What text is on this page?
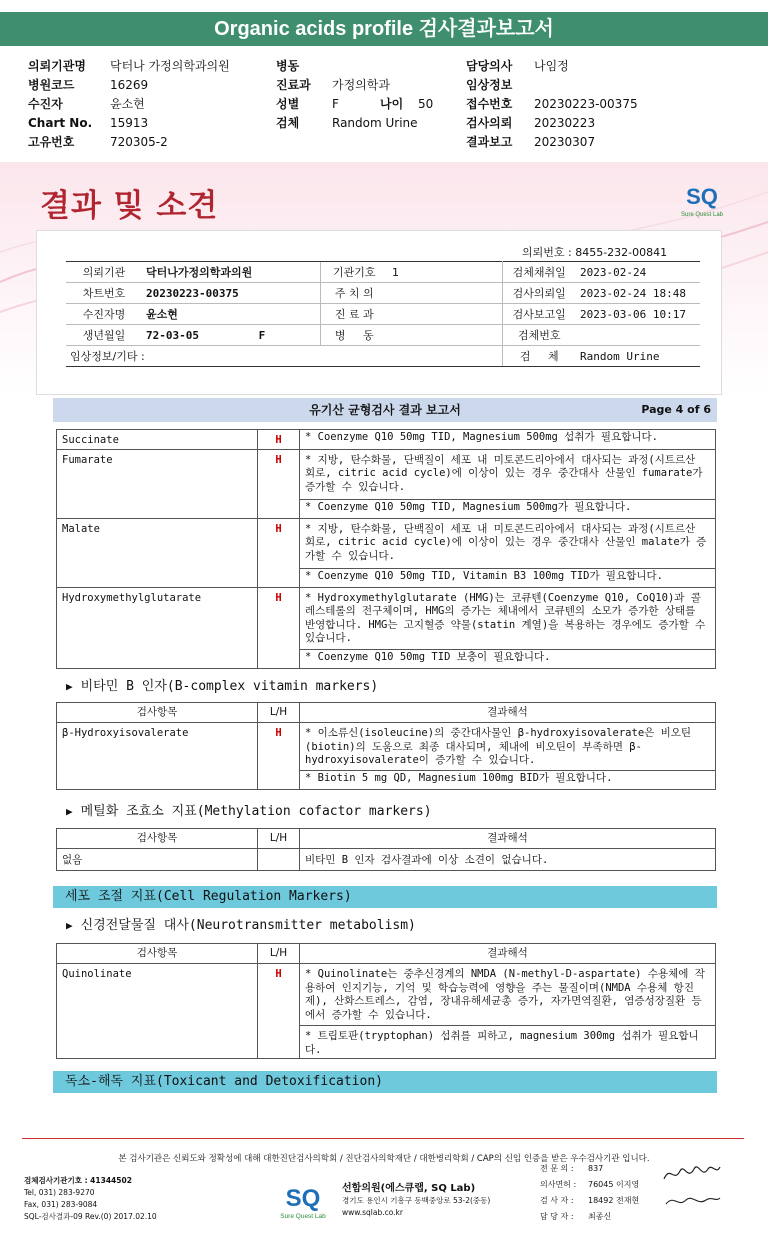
Organic acids profile 검사결과보고서
의뢰기관명	닥터나 가정의학과의원
병원코드	16269
수진자	윤소현
Chart No.	15913
고유번호	720305-2
병동
진료과	가정의학과
성별	F	나이	50
검체	Random Urine
담당의사	나임정
임상정보
접수번호	20230223-00375
검사의뢰	20230223
결과보고	20230307
결과 및 소견	SQ
Sure Quest Lab
의뢰번호 : 8455-232-00841
의뢰기관	닥터나가정의학과의원	기관기호	1	검체채취일	2023-02-24
차트번호	20230223-00375	주 치 의		검사의뢰일	2023-02-24 18:48
수진자명	윤소현	진 료 과		검사보고일	2023-03-06 10:17
생년월일	72-03-05         F	병     동		검체번호	
임상정보/기타 :				검     체	Random Urine
유기산 균형검사 결과 보고서	Page 4 of 6
Succinate	H	* Coenzyme Q10 50mg TID, Magnesium 500mg 섭취가 필요합니다.
Fumarate	H	* 지방, 탄수화물, 단백질이 세포 내 미토콘드리아에서 대사되는 과정(시트르산 회로, citric acid cycle)에 이상이 있는 경우 중간대사 산물인 fumarate가 증가할 수 있습니다.
		* Coenzyme Q10 50mg TID, Magnesium 500mg가 필요합니다.
Malate	H	* 지방, 탄수화물, 단백질이 세포 내 미토콘드리아에서 대사되는 과정(시트르산 회로, citric acid cycle)에 이상이 있는 경우 중간대사 산물인 malate가 증가할 수 있습니다.
		* Coenzyme Q10 50mg TID, Vitamin B3 100mg TID가 필요합니다.
Hydroxymethylglutarate	H	* Hydroxymethylglutarate (HMG)는 코큐텐(Coenzyme Q10, CoQ10)과 콜레스테롤의 전구체이며, HMG의 증가는 체내에서 코큐텐의 소모가 증가한 상태를 반영합니다. HMG는 고지혈증 약물(statin 계열)을 복용하는 경우에도 증가할 수 있습니다.
		* Coenzyme Q10 50mg TID 보충이 필요합니다.
▶ 비타민 B 인자(B-complex vitamin markers)
검사항목	L/H	결과해석
β-Hydroxyisovalerate	H	* 이소류신(isoleucine)의 중간대사물인 β-hydroxyisovalerate은 비오틴(biotin)의 도움으로 최종 대사되며, 체내에 비오틴이 부족하면 β-hydroxyisovalerate이 증가할 수 있습니다.
		* Biotin 5 mg QD, Magnesium 100mg BID가 필요합니다.
▶ 메틸화 조효소 지표(Methylation cofactor markers)
검사항목	L/H	결과해석
없음		비타민 B 인자 검사결과에 이상 소견이 없습니다.
세포 조절 지표(Cell Regulation Markers)
▶ 신경전달물질 대사(Neurotransmitter metabolism)
검사항목	L/H	결과해석
Quinolinate	H	* Quinolinate는 중추신경계의 NMDA (N-methyl-D-aspartate) 수용체에 작용하여 인지기능, 기억 및 학습능력에 영향을 주는 물질이며(NMDA 수용체 항진제), 산화스트레스, 감염, 장내유해세균총 증가, 자가면역질환, 염증성장질환 등에서 증가할 수 있습니다.
		* 트립토판(tryptophan) 섭취를 피하고, magnesium 300mg 섭취가 필요합니다.
독소-해독 지표(Toxicant and Detoxification)
본 검사기관은 신뢰도와 정확성에 대해 대한진단검사의학회 / 진단검사의학재단 / 대한병리학회 / CAP의 신임 인증을 받은 우수검사기관 입니다.
검체검사기관기호 : 41344502
Tel, 031) 283-9270
Fax, 031) 283-9084
SQL-검사결과-09 Rev.(0) 2017.02.10
SQ
Sure Quest Lab
선함의원(에스큐랩, SQ Lab)
경기도 용인시 기흥구 동백중앙로 53-2(중동)
www.sqlab.co.kr
전 문 의 :	837
의사면허 :	76045 이지영
검 사 자 :	18492 전재현
담 당 자 :	최종신
